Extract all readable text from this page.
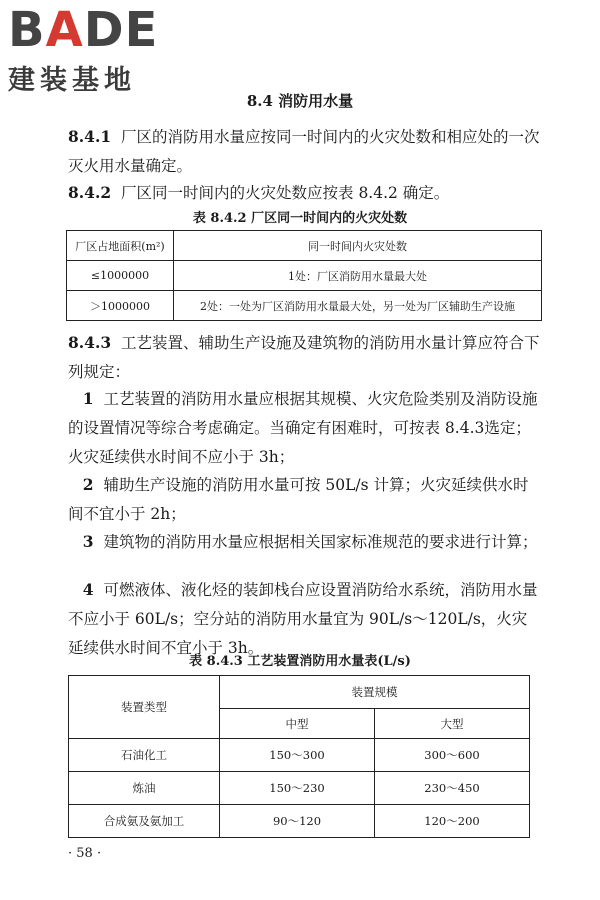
BADE
建装基地
8.4 消防用水量
8.4.1 厂区的消防用水量应按同一时间内的火灾处数和相应处的一次灭火用水量确定。
8.4.2 厂区同一时间内的火灾处数应按表 8.4.2 确定。
表 8.4.2 厂区同一时间内的火灾处数
厂区占地面积(m²)	同一时间内火灾处数
≤1000000	1处：厂区消防用水量最大处
＞1000000	2处：一处为厂区消防用水量最大处，另一处为厂区辅助生产设施
8.4.3 工艺装置、辅助生产设施及建筑物的消防用水量计算应符合下列规定：
1 工艺装置的消防用水量应根据其规模、火灾危险类别及消防设施的设置情况等综合考虑确定。当确定有困难时，可按表 8.4.3选定；火灾延续供水时间不应小于 3h；
2 辅助生产设施的消防用水量可按 50L/s 计算；火灾延续供水时间不宜小于 2h；
3 建筑物的消防用水量应根据相关国家标准规范的要求进行计算；
4 可燃液体、液化烃的装卸栈台应设置消防给水系统，消防用水量不应小于 60L/s；空分站的消防用水量宜为 90L/s～120L/s，火灾延续供水时间不宜小于 3h。
表 8.4.3 工艺装置消防用水量表(L/s)
装置类型	装置规模	
	中型	大型
石油化工	150～300	300～600
炼油	150～230	230～450
合成氨及氨加工	90～120	120～200
· 58 ·
